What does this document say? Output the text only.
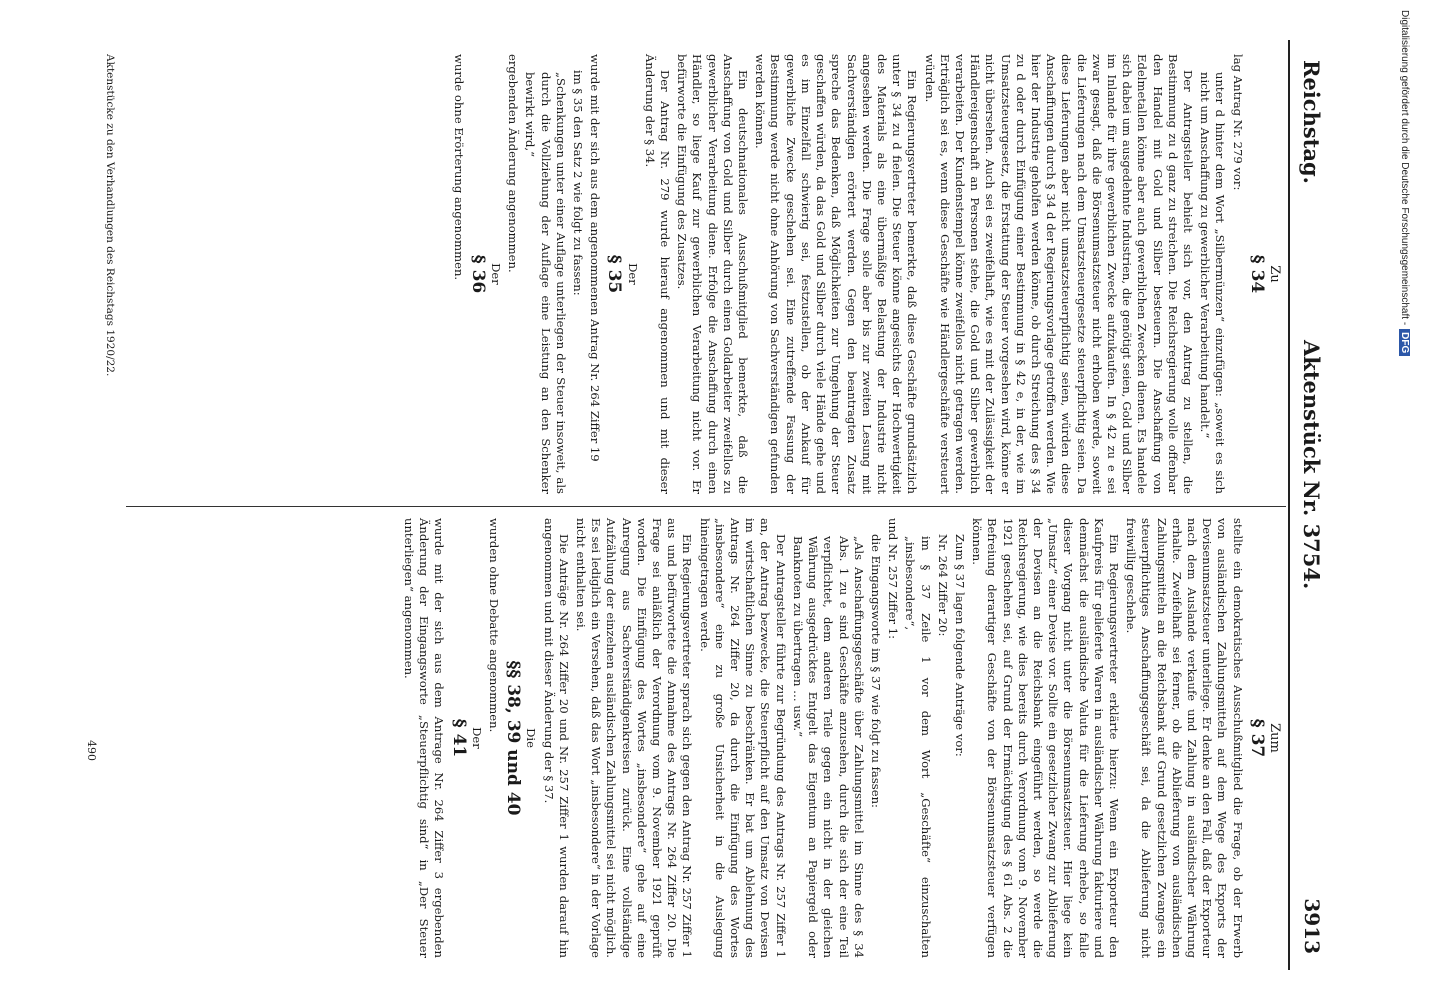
Reichstag.
Aktenstück Nr. 3754.
3913

Zu

§ 34

lag Antrag Nr. 279 vor:

unter d hinter dem Wort „Silbermünzen“ einzufügen: „soweit es sich nicht um Anschaffung zu gewerblicher Verarbeitung handelt.“

Der Antragsteller behielt sich vor, den Antrag zu stellen, die Bestimmung zu d ganz zu streichen. Die Reichsregierung wolle offenbar den Handel mit Gold und Silber besteuern. Die Anschaffung von Edelmetallen könne aber auch gewerblichen Zwecken dienen. Es handele sich dabei um ausgedehnte Industrien, die genötigt seien, Gold und Silber im Inlande für ihre gewerblichen Zwecke aufzukaufen. In § 42 zu e sei zwar gesagt, daß die Börsenumsatzsteuer nicht erhoben werde, soweit die Lieferungen nach dem Umsatzsteuergesetze steuerpflichtig seien. Da diese Lieferungen aber nicht umsatzsteuerpflichtig seien, würden diese Anschaffungen durch § 34 d der Regierungsvorlage getroffen werden. Wie hier der Industrie geholfen werden könne, ob durch Streichung des § 34 zu d oder durch Einfügung einer Bestimmung in § 42 e, in der, wie im Umsatzsteuergesetz, die Erstattung der Steuer vorgesehen wird, könne er nicht übersehen. Auch sei es zweifelhaft, wie es mit der Zulässigkeit der Händlereigenschaft an Personen stehe, die Gold und Silber gewerblich verarbeiten. Der Kundenstempel könne zweifellos nicht getragen werden. Erträglich sei es, wenn diese Geschäfte wie Händlergeschäfte versteuert würden.

Ein Regierungsvertreter bemerkte, daß diese Geschäfte grundsätzlich unter § 34 zu d fielen. Die Steuer könne angesichts der Hochwertigkeit des Materials als eine übermäßige Belastung der Industrie nicht angesehen werden. Die Frage solle aber bis zur zweiten Lesung mit Sachverständigen erörtert werden. Gegen den beantragten Zusatz spreche das Bedenken, daß Möglichkeiten zur Umgehung der Steuer geschaffen würden, da das Gold und Silber durch viele Hände gehe und es im Einzelfall schwierig sei, festzustellen, ob der Ankauf für gewerbliche Zwecke geschehen sei. Eine zutreffende Fassung der Bestimmung werde nicht ohne Anhörung von Sachverständigen gefunden werden können.

Ein deutschnationales Ausschußmitglied bemerkte, daß die Anschaffung von Gold und Silber durch einen Goldarbeiter zweifellos zu gewerblicher Verarbeitung diene. Erfolge die Anschaffung durch einen Händler, so liege Kauf zur gewerblichen Verarbeitung nicht vor. Er befürworte die Einfügung des Zusatzes.

Der Antrag Nr. 279 wurde hierauf angenommen und mit dieser Änderung der § 34.

Der

§ 35

wurde mit der sich aus dem angenommenen Antrag Nr. 264 Ziffer 19

im § 35 den Satz 2 wie folgt zu fassen:

„Schenkungen unter einer Auflage unterliegen der Steuer insoweit, als durch die Vollziehung der Auflage eine Leistung an den Schenker bewirkt wird,“

ergebenden Änderung angenommen.

Der

§ 36

wurde ohne Erörterung angenommen.

Zum

§ 37

stellte ein demokratisches Ausschußmitglied die Frage, ob der Erwerb von ausländischen Zahlungsmitteln auf dem Wege des Exports der Devisenumsatzsteuer unterliege. Er denke an den Fall, daß der Exporteur nach dem Auslande verkaufe und Zahlung in ausländischer Währung erhalte. Zweifelhaft sei ferner, ob die Ablieferung von ausländischen Zahlungsmitteln an die Reichsbank auf Grund gesetzlichen Zwanges ein steuerpflichtiges Anschaffungsgeschäft sei, da die Ablieferung nicht freiwillig geschehe.

Ein Regierungsvertreter erklärte hierzu: Wenn ein Exporteur den Kaufpreis für gelieferte Waren in ausländischer Währung fakturiere und demnächst die ausländische Valuta für die Lieferung erhebe, so falle dieser Vorgang nicht unter die Börsenumsatzsteuer. Hier liege kein „Umsatz“ einer Devise vor. Sollte ein gesetzlicher Zwang zur Ablieferung der Devisen an die Reichsbank eingeführt werden, so werde die Reichsregierung, wie dies bereits durch Verordnung vom 9. November 1921 geschehen sei, auf Grund der Ermächtigung des § 61 Abs. 2 die Befreiung derartiger Geschäfte von der Börsenumsatzsteuer verfügen können.

Zum § 37 lagen folgende Anträge vor:

Nr. 264 Ziffer 20:

im § 37 Zeile 1 vor dem Wort „Geschäfte“ einzuschalten „insbesondere“,

und Nr. 257 Ziffer 1:

die Eingangsworte im § 37 wie folgt zu fassen:

„Als Anschaffungsgeschäfte über Zahlungsmittel im Sinne des § 34 Abs. 1 zu e sind Geschäfte anzusehen, durch die sich der eine Teil verpflichtet, dem anderen Teile gegen ein nicht in der gleichen Währung ausgedrücktes Entgelt das Eigentum an Papiergeld oder Banknoten zu übertragen … usw.“

Der Antragsteller führte zur Begründung des Antrags Nr. 257 Ziffer 1 an, der Antrag bezwecke, die Steuerpflicht auf den Umsatz von Devisen im wirtschaftlichen Sinne zu beschränken. Er bat um Ablehnung des Antrags Nr. 264 Ziffer 20, da durch die Einfügung des Wortes „insbesondere“ eine zu große Unsicherheit in die Auslegung hineingetragen werde.

Ein Regierungsvertreter sprach sich gegen den Antrag Nr. 257 Ziffer 1 aus und befürwortete die Annahme des Antrags Nr. 264 Ziffer 20. Die Frage sei anläßlich der Verordnung vom 9. November 1921 geprüft worden. Die Einfügung des Wortes „insbesondere“ gehe auf eine Anregung aus Sachverständigenkreisen zurück. Eine vollständige Aufzählung der einzelnen ausländischen Zahlungsmittel sei nicht möglich. Es sei lediglich ein Versehen, daß das Wort „insbesondere“ in der Vorlage nicht enthalten sei.

Die Anträge Nr. 264 Ziffer 20 und Nr. 257 Ziffer 1 wurden darauf hin angenommen und mit dieser Änderung der § 37.

Die

§§ 38, 39 und 40

wurden ohne Debatte angenommen.

Der

§ 41

wurde mit der sich aus dem Antrage Nr. 264 Ziffer 3 ergebenden Änderung der Eingangsworte „Steuerpflichtig sind“ in „Der Steuer unterliegen“ angenommen.

Aktenstücke zu den Verhandlungen des Reichstags 1920/22.
490
Digitalisierung gefördert durch die Deutsche Forschungsgemeinschaft -DFG
